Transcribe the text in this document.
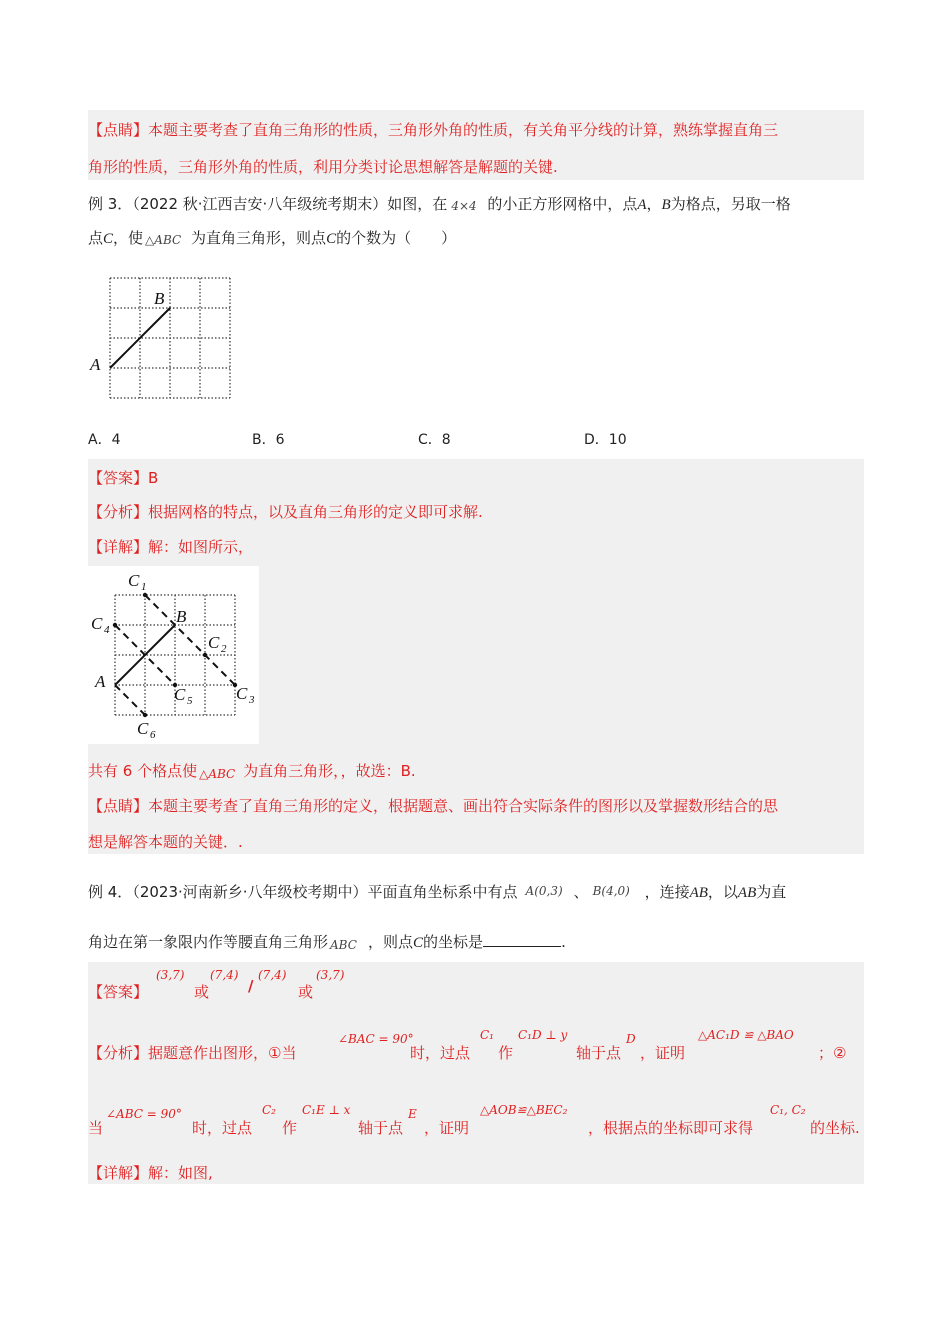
【点睛】本题主要考查了直角三角形的性质，三角形外角的性质，有关角平分线的计算，熟练掌握直角三
角形的性质，三角形外角的性质，利用分类讨论思想解答是解题的关键.
例 3．（2022 秋·江西吉安·八年级统考期末）如图，在 4×4 的小正方形网格中，点A，B为格点，另取一格
点C，使 △ABC 为直角三角形，则点C的个数为（　　）
A
B
A．4	B．6	C．8	D．10
【答案】B
【分析】根据网格的特点，以及直角三角形的定义即可求解.
【详解】解：如图所示，
A
B
C 1
C 4
C 2
C 3
C 5
C 6
共有 6 个格点使 △ABC 为直角三角形，，故选：B.
【点睛】本题主要考查了直角三角形的定义，根据题意、画出符合实际条件的图形以及掌握数形结合的思
想是解答本题的关键．.
例 4．（2023·河南新乡·八年级校考期中）平面直角坐标系中有点 A(0,3) 、 B(4,0) ，连接AB，以AB为直
角边在第一象限内作等腰直角三角形 ABC ，则点C的坐标是	.
【答案】
(3,7)
或
(7,4)
/
(7,4)
或
(3,7)
【分析】据题意作出图形，①当
∠BAC = 90°
时，过点
C₁
作
C₁D ⊥ y
轴于点
D
，证明
△AC₁D ≌ △BAO
；②
当
∠ABC = 90°
时，过点
C₂
作
C₁E ⊥ x
轴于点
E
，证明
△AOB≌△BEC₂
，根据点的坐标即可求得
C₁, C₂
的坐标.
【详解】解：如图,
